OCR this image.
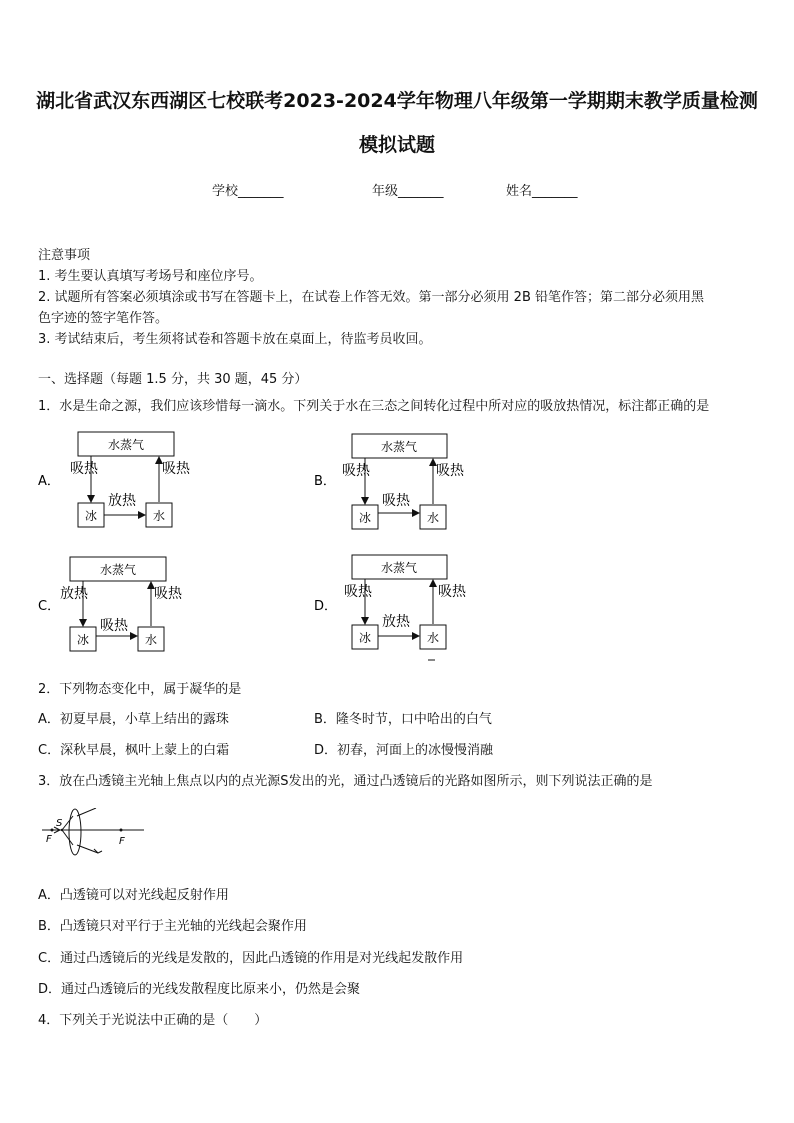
湖北省武汉东西湖区七校联考2023-2024学年物理八年级第一学期期末教学质量检测
模拟试题
学校_______	年级_______	姓名_______
注意事项
1. 考生要认真填写考场号和座位序号。
2. 试题所有答案必须填涂或书写在答题卡上，在试卷上作答无效。第一部分必须用 2B 铅笔作答；第二部分必须用黑
色字迹的签字笔作答。
3. 考试结束后，考生须将试卷和答题卡放在桌面上，待监考员收回。
一、选择题（每题 1.5 分，共 30 题，45 分）
1．水是生命之源，我们应该珍惜每一滴水。下列关于水在三态之间转化过程中所对应的吸放热情况，标注都正确的是
A．
水蒸气
冰	水
吸热	吸热
放热
B．
水蒸气
冰	水
吸热	吸热
吸热
C．
水蒸气
冰	水
放热	吸热
吸热
D．
水蒸气
冰	水
吸热	吸热
放热
2．下列物态变化中，属于凝华的是
A．初夏早晨，小草上结出的露珠	B．隆冬时节，口中哈出的白气
C．深秋早晨，枫叶上蒙上的白霜	D．初春，河面上的冰慢慢消融
3．放在凸透镜主光轴上焦点以内的点光源S发出的光，通过凸透镜后的光路如图所示，则下列说法正确的是
S
F	F
A．凸透镜可以对光线起反射作用
B．凸透镜只对平行于主光轴的光线起会聚作用
C．通过凸透镜后的光线是发散的，因此凸透镜的作用是对光线起发散作用
D．通过凸透镜后的光线发散程度比原来小，仍然是会聚
4．下列关于光说法中正确的是（　　）
